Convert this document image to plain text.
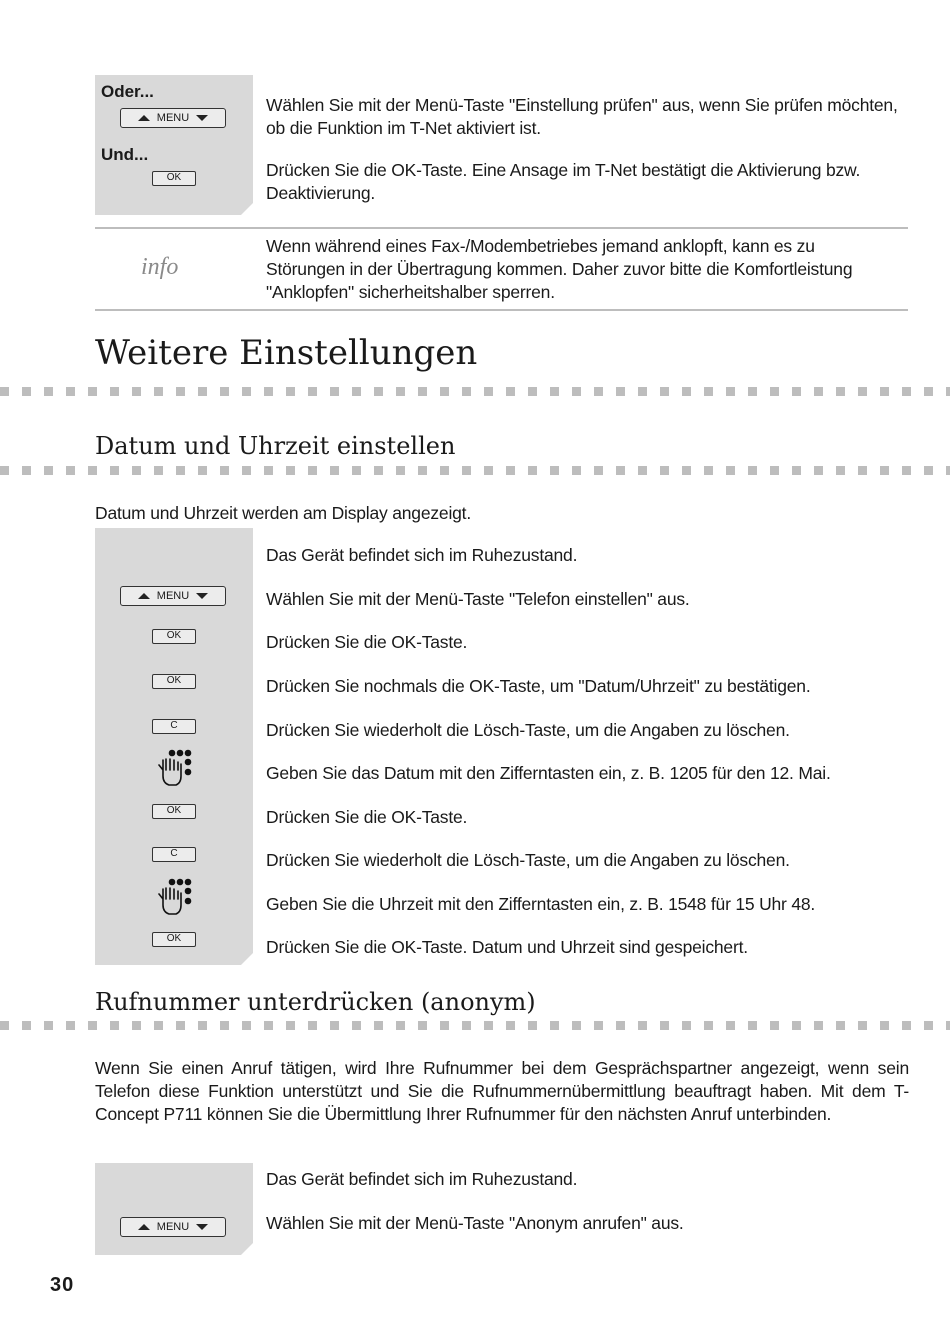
Oder...
MENU
Und...
OK
Wählen Sie mit der Menü-Taste "Einstellung prüfen" aus, wenn Sie prüfen möchten, ob die Funktion im T-Net aktiviert ist.
Drücken Sie die OK-Taste. Eine Ansage im T-Net bestätigt die Aktivierung bzw. Deaktivierung.
info
Wenn während eines Fax-/Modembetriebes jemand anklopft, kann es zu Störungen in der Übertragung kommen. Daher zuvor bitte die Komfortleistung "Anklopfen" sicherheitshalber sperren.
Weitere Einstellungen
Datum und Uhrzeit einstellen
Datum und Uhrzeit werden am Display angezeigt.
MENU
OK
OK
C
OK
C
OK
Das Gerät befindet sich im Ruhezustand.
Wählen Sie mit der Menü-Taste "Telefon einstellen" aus.
Drücken Sie die OK-Taste.
Drücken Sie nochmals die OK-Taste, um "Datum/Uhrzeit" zu bestätigen.
Drücken Sie wiederholt die Lösch-Taste, um die Angaben zu löschen.
Geben Sie das Datum mit den Zifferntasten ein, z. B. 1205 für den 12. Mai.
Drücken Sie die OK-Taste.
Drücken Sie wiederholt die Lösch-Taste, um die Angaben zu löschen.
Geben Sie die Uhrzeit mit den Zifferntasten ein, z. B. 1548 für 15 Uhr 48.
Drücken Sie die OK-Taste. Datum und Uhrzeit sind gespeichert.
Rufnummer unterdrücken (anonym)
Wenn Sie einen Anruf tätigen, wird Ihre Rufnummer bei dem Gesprächspartner angezeigt, wenn sein Telefon diese Funktion unterstützt und Sie die Rufnummernübermittlung beauftragt haben. Mit dem T-Concept P711 können Sie die Übermittlung Ihrer Rufnummer für den nächsten Anruf unterbinden.
MENU
Das Gerät befindet sich im Ruhezustand.
Wählen Sie mit der Menü-Taste "Anonym anrufen" aus.
30
